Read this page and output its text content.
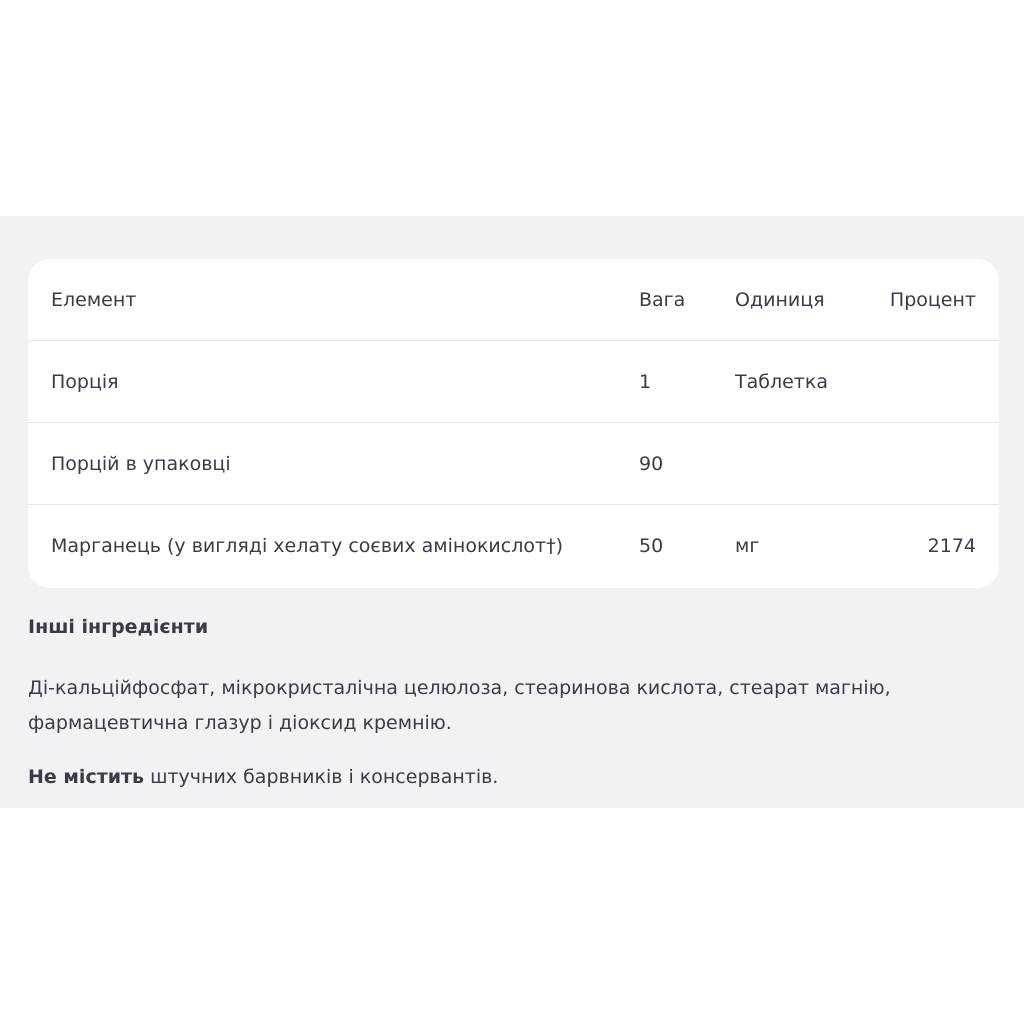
Елемент	Вага	Одиниця	Процент
Порція	1	Таблетка
Порцій в упаковці	90
Марганець (у вигляді хелату соєвих амінокислот†)	50	мг	2174
Інші інгредієнти
Ді-кальційфосфат, мікрокристалічна целюлоза, стеаринова кислота, стеарат магнію, фармацевтична глазур і діоксид кремнію.
Не містить штучних барвників і консервантів.
